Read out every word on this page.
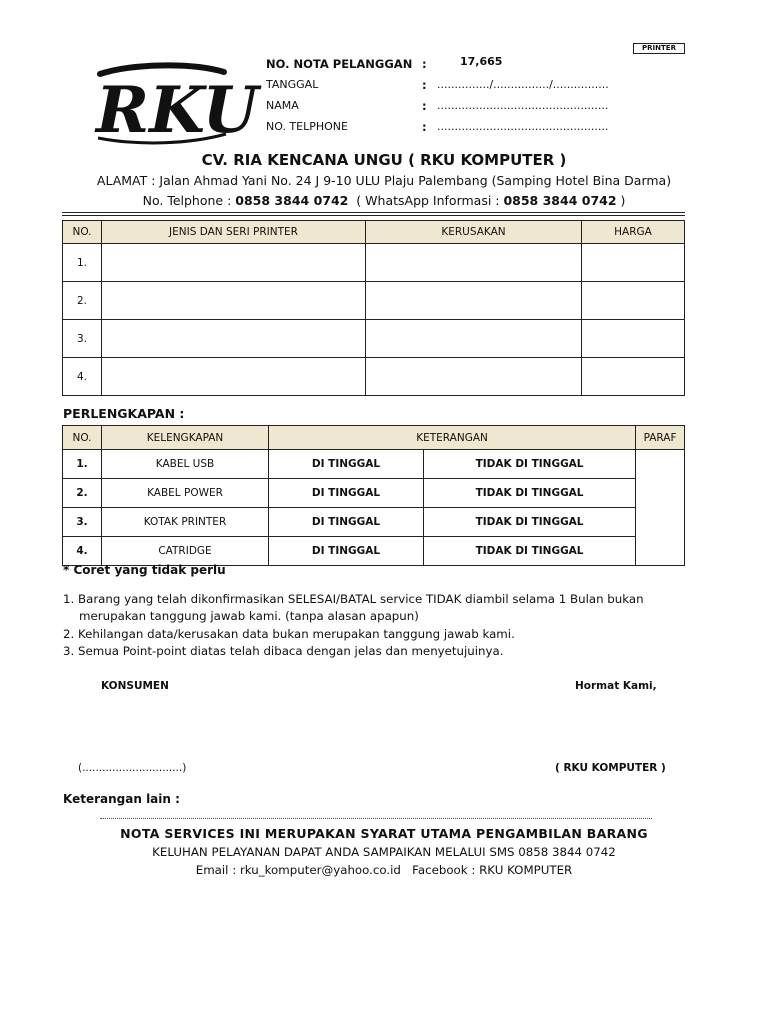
PRINTER
RKU
NO. NOTA PELANGGAN :	17,665
TANGGAL	: .............../................/................
NAMA	: .................................................
NO. TELPHONE	: .................................................
CV. RIA KENCANA UNGU ( RKU KOMPUTER )
ALAMAT : Jalan Ahmad Yani No. 24 J 9-10 ULU Plaju Palembang (Samping Hotel Bina Darma)
No. Telphone : 0858 3844 0742  ( WhatsApp Informasi : 0858 3844 0742 )
NO.	JENIS DAN SERI PRINTER	KERUSAKAN	HARGA
1.			
2.			
3.			
4.			
PERLENGKAPAN :
NO.	KELENGKAPAN	KETERANGAN		PARAF
1.	KABEL USB	DI TINGGAL	TIDAK DI TINGGAL	
2.	KABEL POWER	DI TINGGAL	TIDAK DI TINGGAL	
3.	KOTAK PRINTER	DI TINGGAL	TIDAK DI TINGGAL	
4.	CATRIDGE	DI TINGGAL	TIDAK DI TINGGAL	
* Coret yang tidak perlu
1. Barang yang telah dikonfirmasikan SELESAI/BATAL service TIDAK diambil selama 1 Bulan bukan
merupakan tanggung jawab kami. (tanpa alasan apapun)
2. Kehilangan data/kerusakan data bukan merupakan tanggung jawab kami.
3. Semua Point-point diatas telah dibaca dengan jelas dan menyetujuinya.
KONSUMEN	Hormat Kami,
(..............................)	( RKU KOMPUTER )
Keterangan lain :
NOTA SERVICES INI MERUPAKAN SYARAT UTAMA PENGAMBILAN BARANG
KELUHAN PELAYANAN DAPAT ANDA SAMPAIKAN MELALUI SMS 0858 3844 0742
Email : rku_komputer@yahoo.co.id   Facebook : RKU KOMPUTER
